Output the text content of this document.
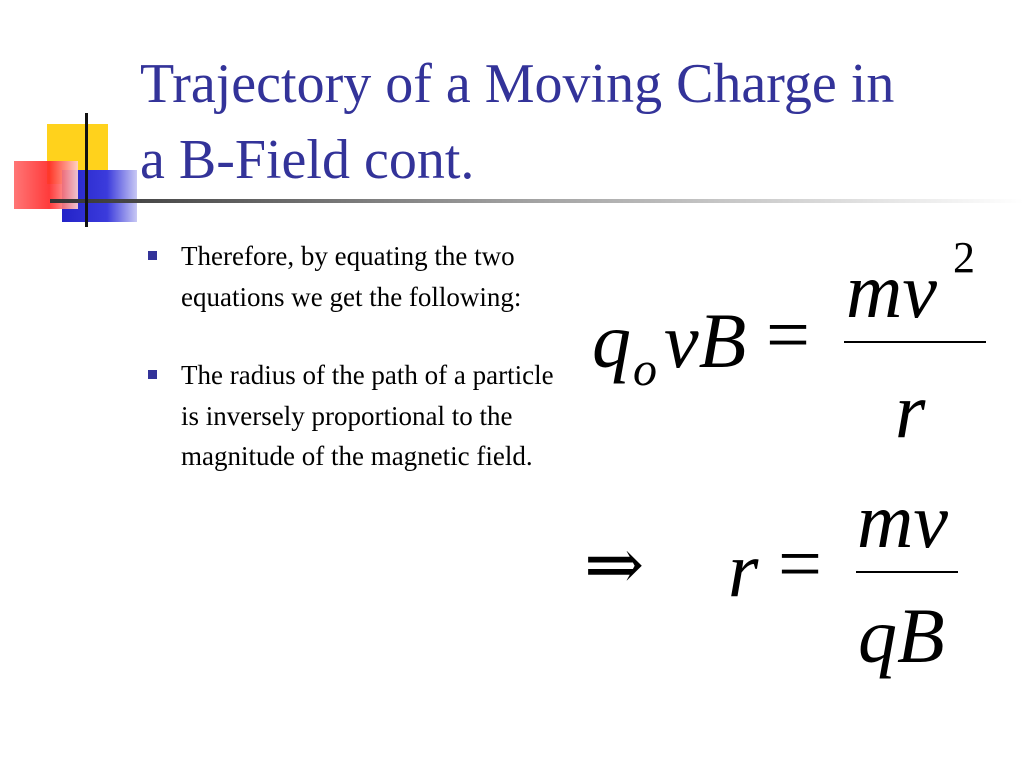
Trajectory of a Moving Charge in
a B-Field cont.
Therefore, by equating the two equations we get the following:
The radius of the path of a particle is inversely proportional to the magnitude of the magnetic field.
q o vB =
mv 2
r
⇒ r = mv
qB
